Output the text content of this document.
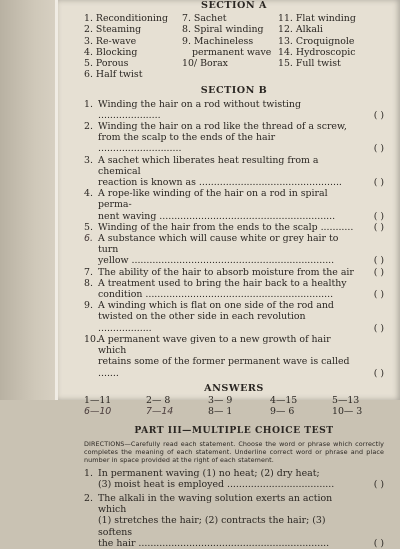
SECTION A
1. Reconditioning
2. Steaming
3. Re-wave
4. Blocking
5. Porous
6. Half twist
7. Sachet
8. Spiral winding
9. Machineless
permanent wave
10/ Borax
11. Flat winding
12. Alkali
13. Croquignole
14. Hydroscopic
15. Full twist
SECTION B
1. Winding the hair on a rod without twisting .....................	( )
2. Winding the hair on a rod like the thread of a screw,
from the scalp to the ends of the hair ............................	( )
3. A sachet which liberates heat resulting from a chemical
reaction is known as ................................................	( )
4. A rope-like winding of the hair on a rod in spiral perma-
nent waving ...........................................................	( )
5. Winding of the hair from the ends to the scalp ...........	( )
6. A substance which will cause white or grey hair to turn
yellow ....................................................................	( )
7. The ability of the hair to absorb moisture from the air	( )
8. A treatment used to bring the hair back to a healthy
condition ...............................................................	( )
9. A winding which is flat on one side of the rod and
twisted on the other side in each revolution ..................	( )
10. A permanent wave given to a new growth of hair which
retains some of the former permanent wave is called .......	( )
ANSWERS
1—11	2— 8	3— 9	4—15	5—13
6—10	7—14	8— 1	9— 6	10— 3
PART III—MULTIPLE CHOICE TEST
DIRECTIONS—Carefully read each statement. Choose the word or phrase which correctly completes the meaning of each statement. Underline correct word or phrase and place number in space provided at the right of each statement.
1. In permanent waving (1) no heat; (2) dry heat;
(3) moist heat is employed ....................................	( )
2. The alkali in the waving solution exerts an action which
(1) stretches the hair; (2) contracts the hair; (3) softens
the hair ................................................................	( )
